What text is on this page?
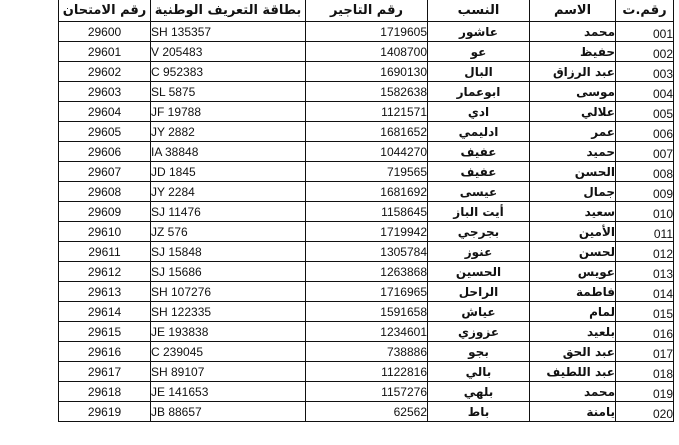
رقم الامتحان	بطاقة التعريف الوطنية	رقم التاجير	النسب	الاسم	رقم.ت
29600	SH 135357	1719605	عاشور	محمد	001
29601	V 205483	1408700	عو	حفيظ	002
29602	C 952383	1690130	البال	عبد الرزاق	003
29603	SL 5875	1582638	ابوعمار	موسى	004
29604	JF 19788	1121571	ادي	علالي	005
29605	JY 2882	1681652	ادليمي	عمر	006
29606	IA 38848	1044270	عفيف	حميد	007
29607	JD 1845	719565	عفيف	الحسن	008
29608	JY 2284	1681692	عيسى	جمال	009
29609	SJ 11476	1158645	أيت الباز	سعيد	010
29610	JZ 576	1719942	بجرجي	الأمين	011
29611	SJ 15848	1305784	عنوز	لحسن	012
29612	SJ 15686	1263868	الحسين	عويس	013
29613	SH 107276	1716965	الراحل	فاطمة	014
29614	SH 122335	1591658	عياش	لمام	015
29615	JE 193838	1234601	عزوزي	بلعيد	016
29616	C 239045	738886	بجو	عبد الحق	017
29617	SH 89107	1122816	بالي	عبد اللطيف	018
29618	JE 141653	1157276	بلهي	محمد	019
29619	JB 88657	62562	باط	يامنة	020
